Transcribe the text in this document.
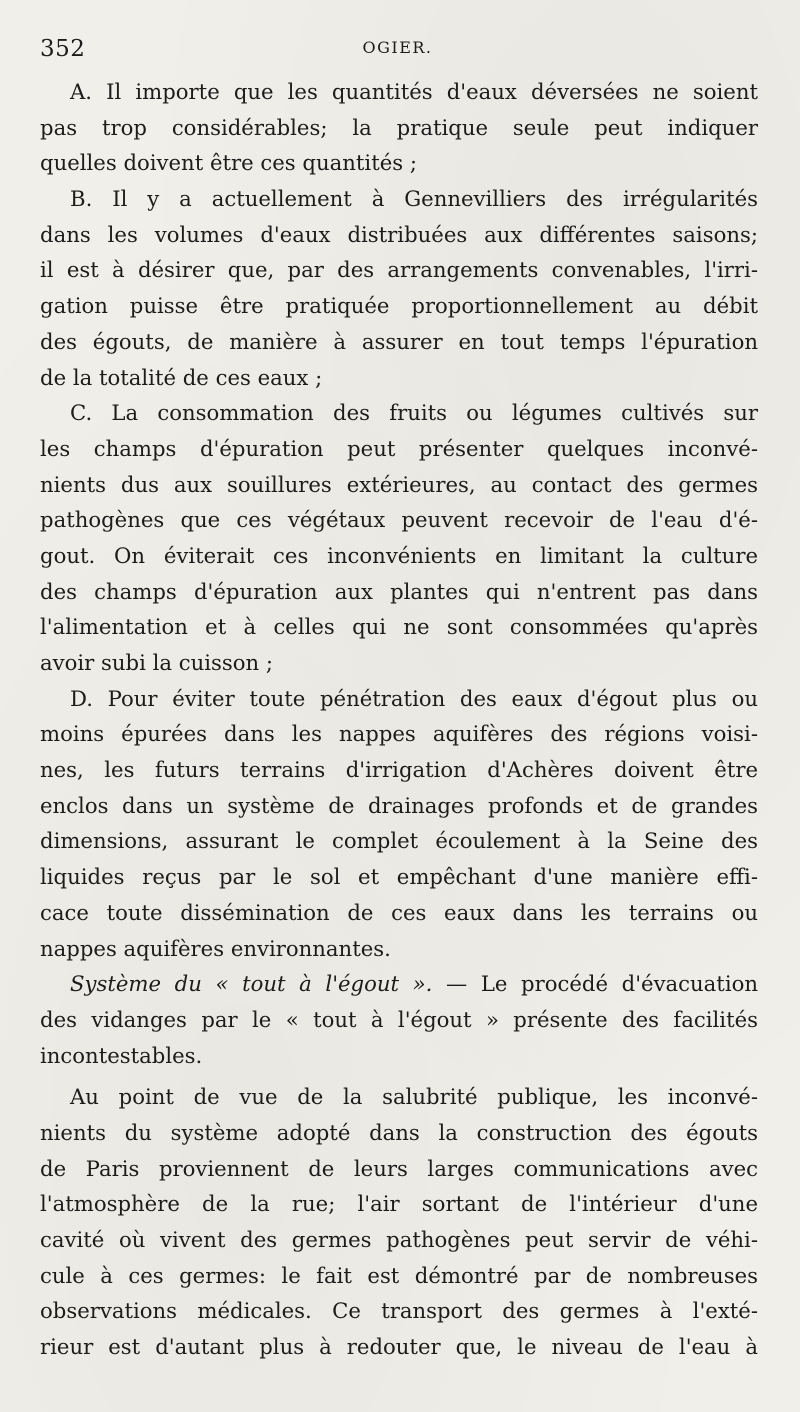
352	OGIER.
A. Il importe que les quantités d'eaux déversées ne soient
pas trop considérables; la pratique seule peut indiquer
quelles doivent être ces quantités ;
B. Il y a actuellement à Gennevilliers des irrégularités
dans les volumes d'eaux distribuées aux différentes saisons;
il est à désirer que, par des arrangements convenables, l'irri-
gation puisse être pratiquée proportionnellement au débit
des égouts, de manière à assurer en tout temps l'épuration
de la totalité de ces eaux ;
C. La consommation des fruits ou légumes cultivés sur
les champs d'épuration peut présenter quelques inconvé-
nients dus aux souillures extérieures, au contact des germes
pathogènes que ces végétaux peuvent recevoir de l'eau d'é-
gout. On éviterait ces inconvénients en limitant la culture
des champs d'épuration aux plantes qui n'entrent pas dans
l'alimentation et à celles qui ne sont consommées qu'après
avoir subi la cuisson ;
D. Pour éviter toute pénétration des eaux d'égout plus ou
moins épurées dans les nappes aquifères des régions voisi-
nes, les futurs terrains d'irrigation d'Achères doivent être
enclos dans un système de drainages profonds et de grandes
dimensions, assurant le complet écoulement à la Seine des
liquides reçus par le sol et empêchant d'une manière effi-
cace toute dissémination de ces eaux dans les terrains ou
nappes aquifères environnantes.
Système du « tout à l'égout ». — Le procédé d'évacuation
des vidanges par le « tout à l'égout » présente des facilités
incontestables.
Au point de vue de la salubrité publique, les inconvé-
nients du système adopté dans la construction des égouts
de Paris proviennent de leurs larges communications avec
l'atmosphère de la rue; l'air sortant de l'intérieur d'une
cavité où vivent des germes pathogènes peut servir de véhi-
cule à ces germes: le fait est démontré par de nombreuses
observations médicales. Ce transport des germes à l'exté-
rieur est d'autant plus à redouter que, le niveau de l'eau à
